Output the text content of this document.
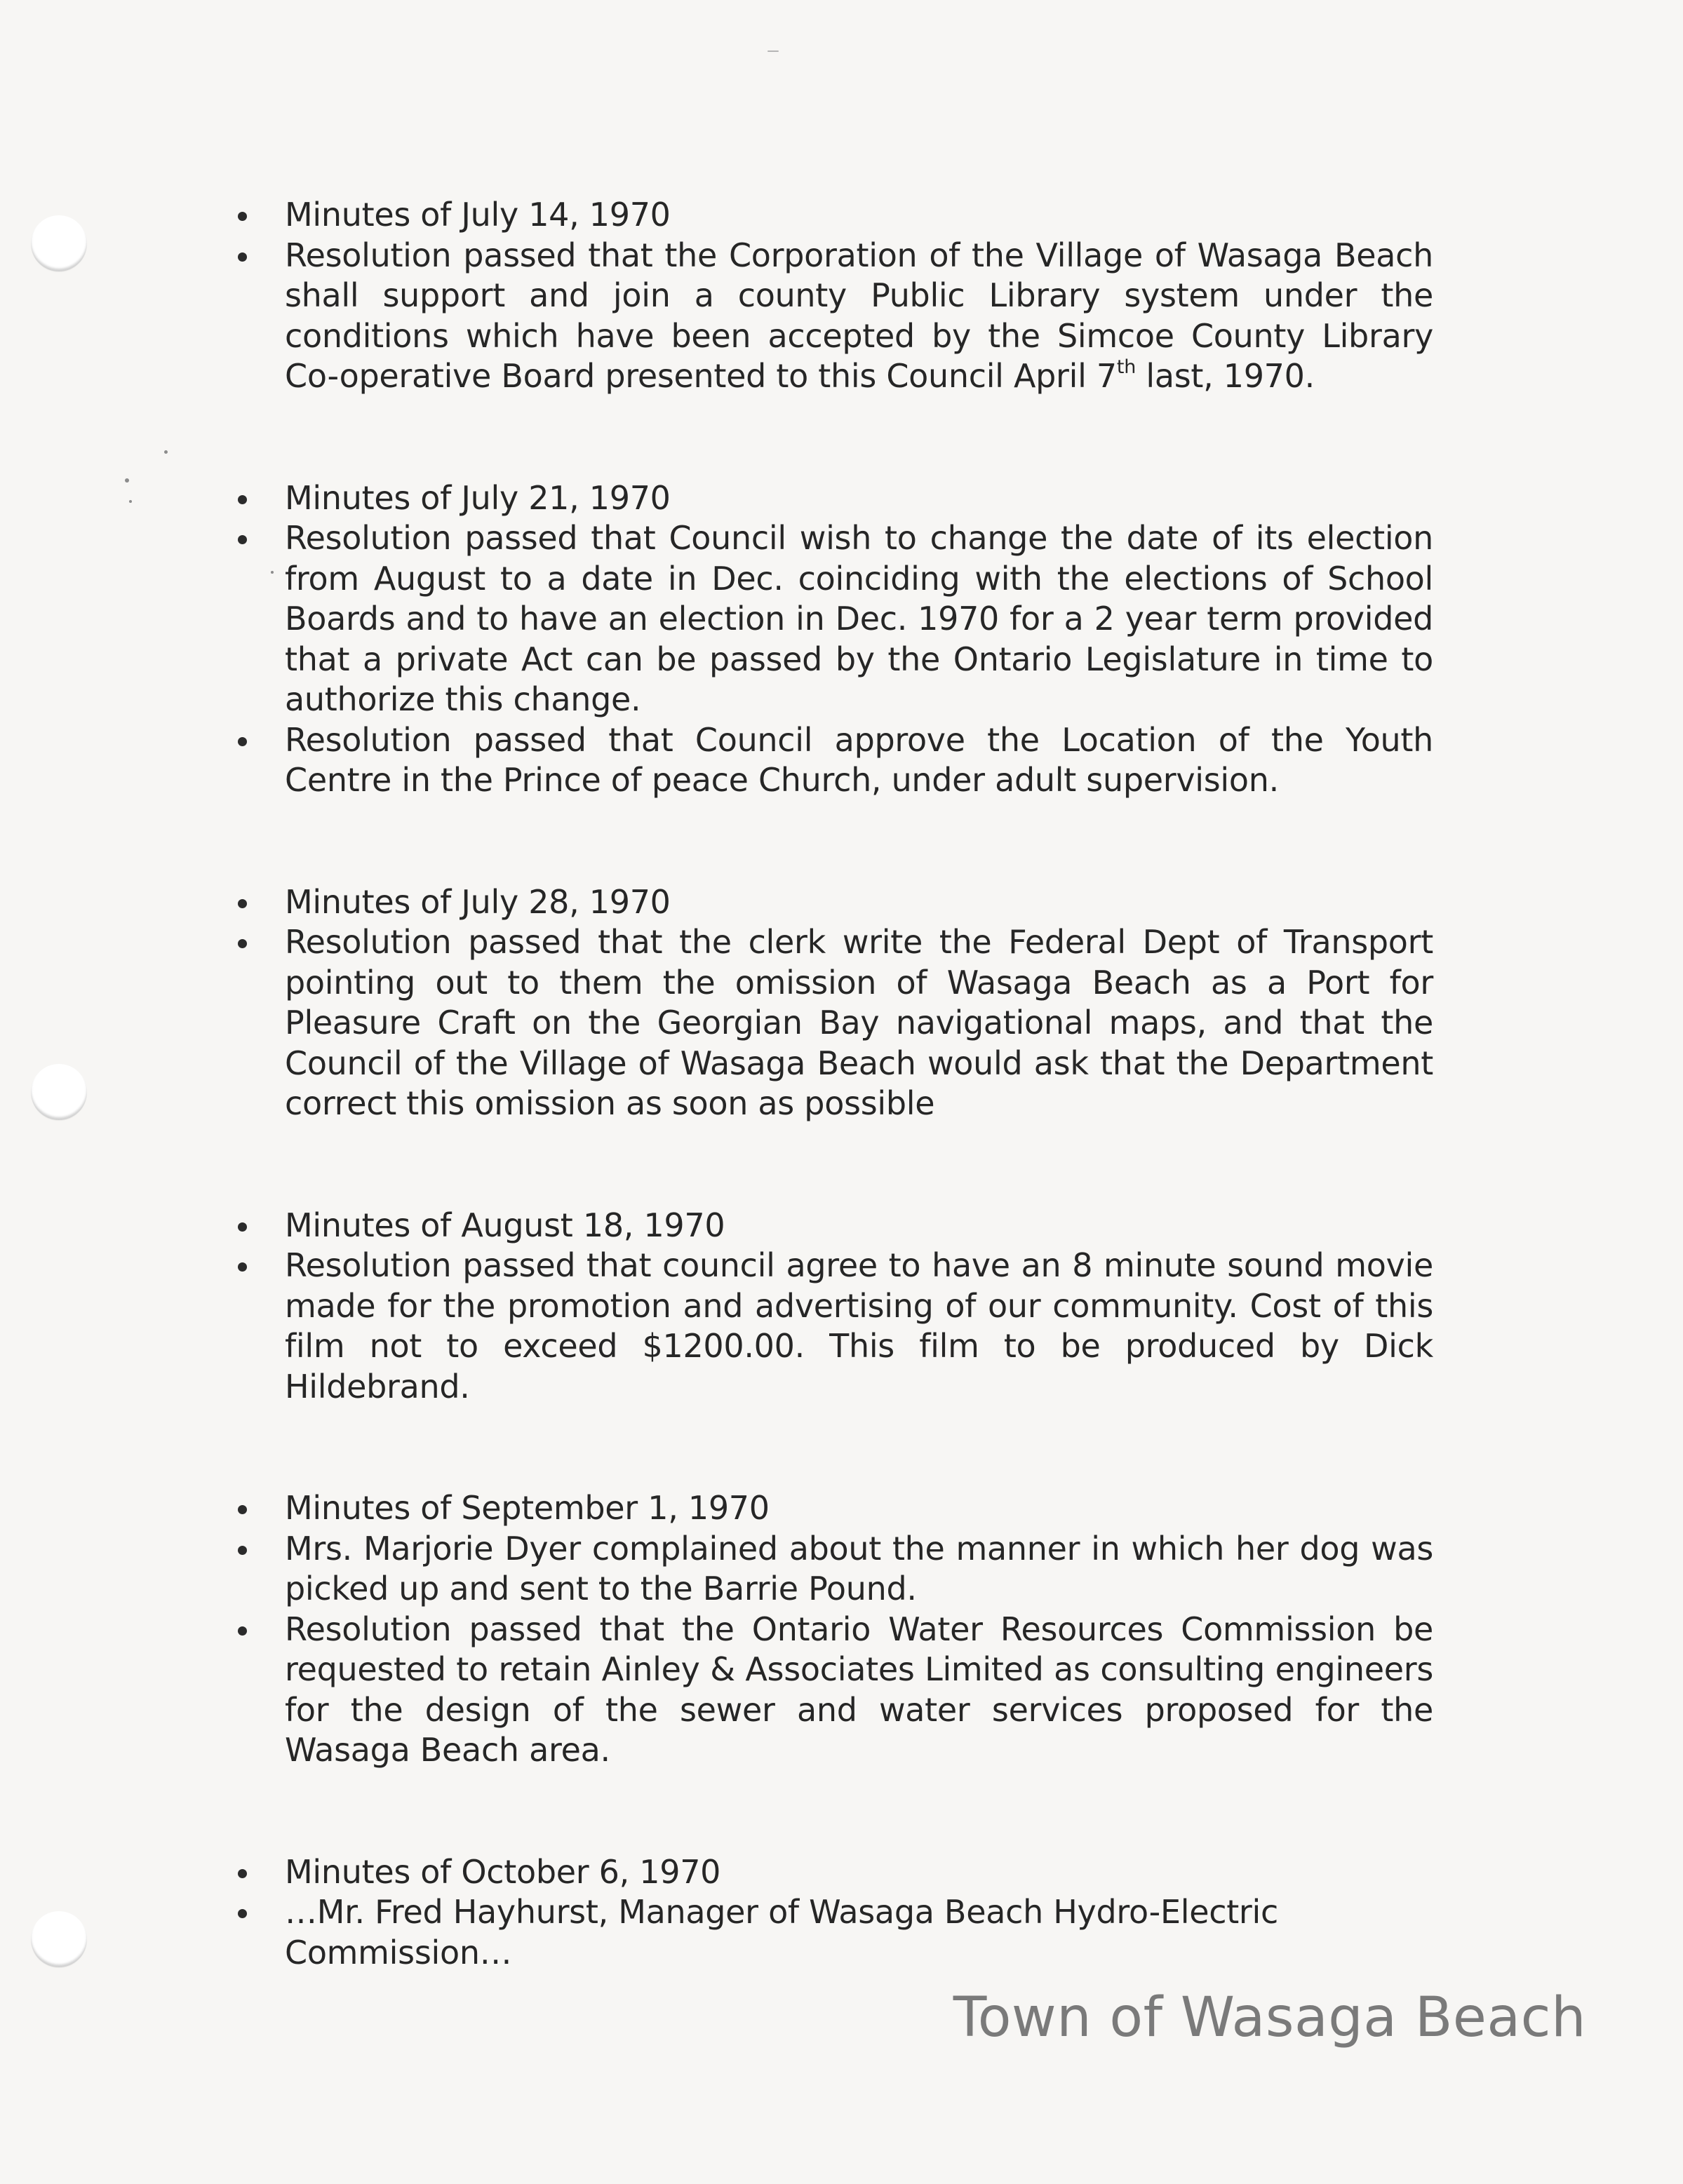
Minutes of July 14, 1970
Resolution passed that the Corporation of the Village of Wasaga Beach shall support and join a county Public Library system under the conditions which have been accepted by the Simcoe County Library Co-operative Board presented to this Council April 7th last, 1970.
Minutes of July 21, 1970
Resolution passed that Council wish to change the date of its election from August to a date in Dec. coinciding with the elections of School Boards and to have an election in Dec. 1970 for a 2 year term provided that a private Act can be passed by the Ontario Legislature in time to authorize this change.
Resolution passed that Council approve the Location of the Youth Centre in the Prince of peace Church, under adult supervision.
Minutes of July 28, 1970
Resolution passed that the clerk write the Federal Dept of Transport pointing out to them the omission of Wasaga Beach as a Port for Pleasure Craft on the Georgian Bay navigational maps, and that the Council of the Village of Wasaga Beach would ask that the Department correct this omission as soon as possible
Minutes of August 18, 1970
Resolution passed that council agree to have an 8 minute sound movie made for the promotion and advertising of our community. Cost of this film not to exceed $1200.00. This film to be produced by Dick Hildebrand.
Minutes of September 1, 1970
Mrs. Marjorie Dyer complained about the manner in which her dog was picked up and sent to the Barrie Pound.
Resolution passed that the Ontario Water Resources Commission be requested to retain Ainley & Associates Limited as consulting engineers for the design of the sewer and water services proposed for the Wasaga Beach area.
Minutes of October 6, 1970
…Mr. Fred Hayhurst, Manager of Wasaga Beach Hydro-Electric Commission…
Town of Wasaga Beach
